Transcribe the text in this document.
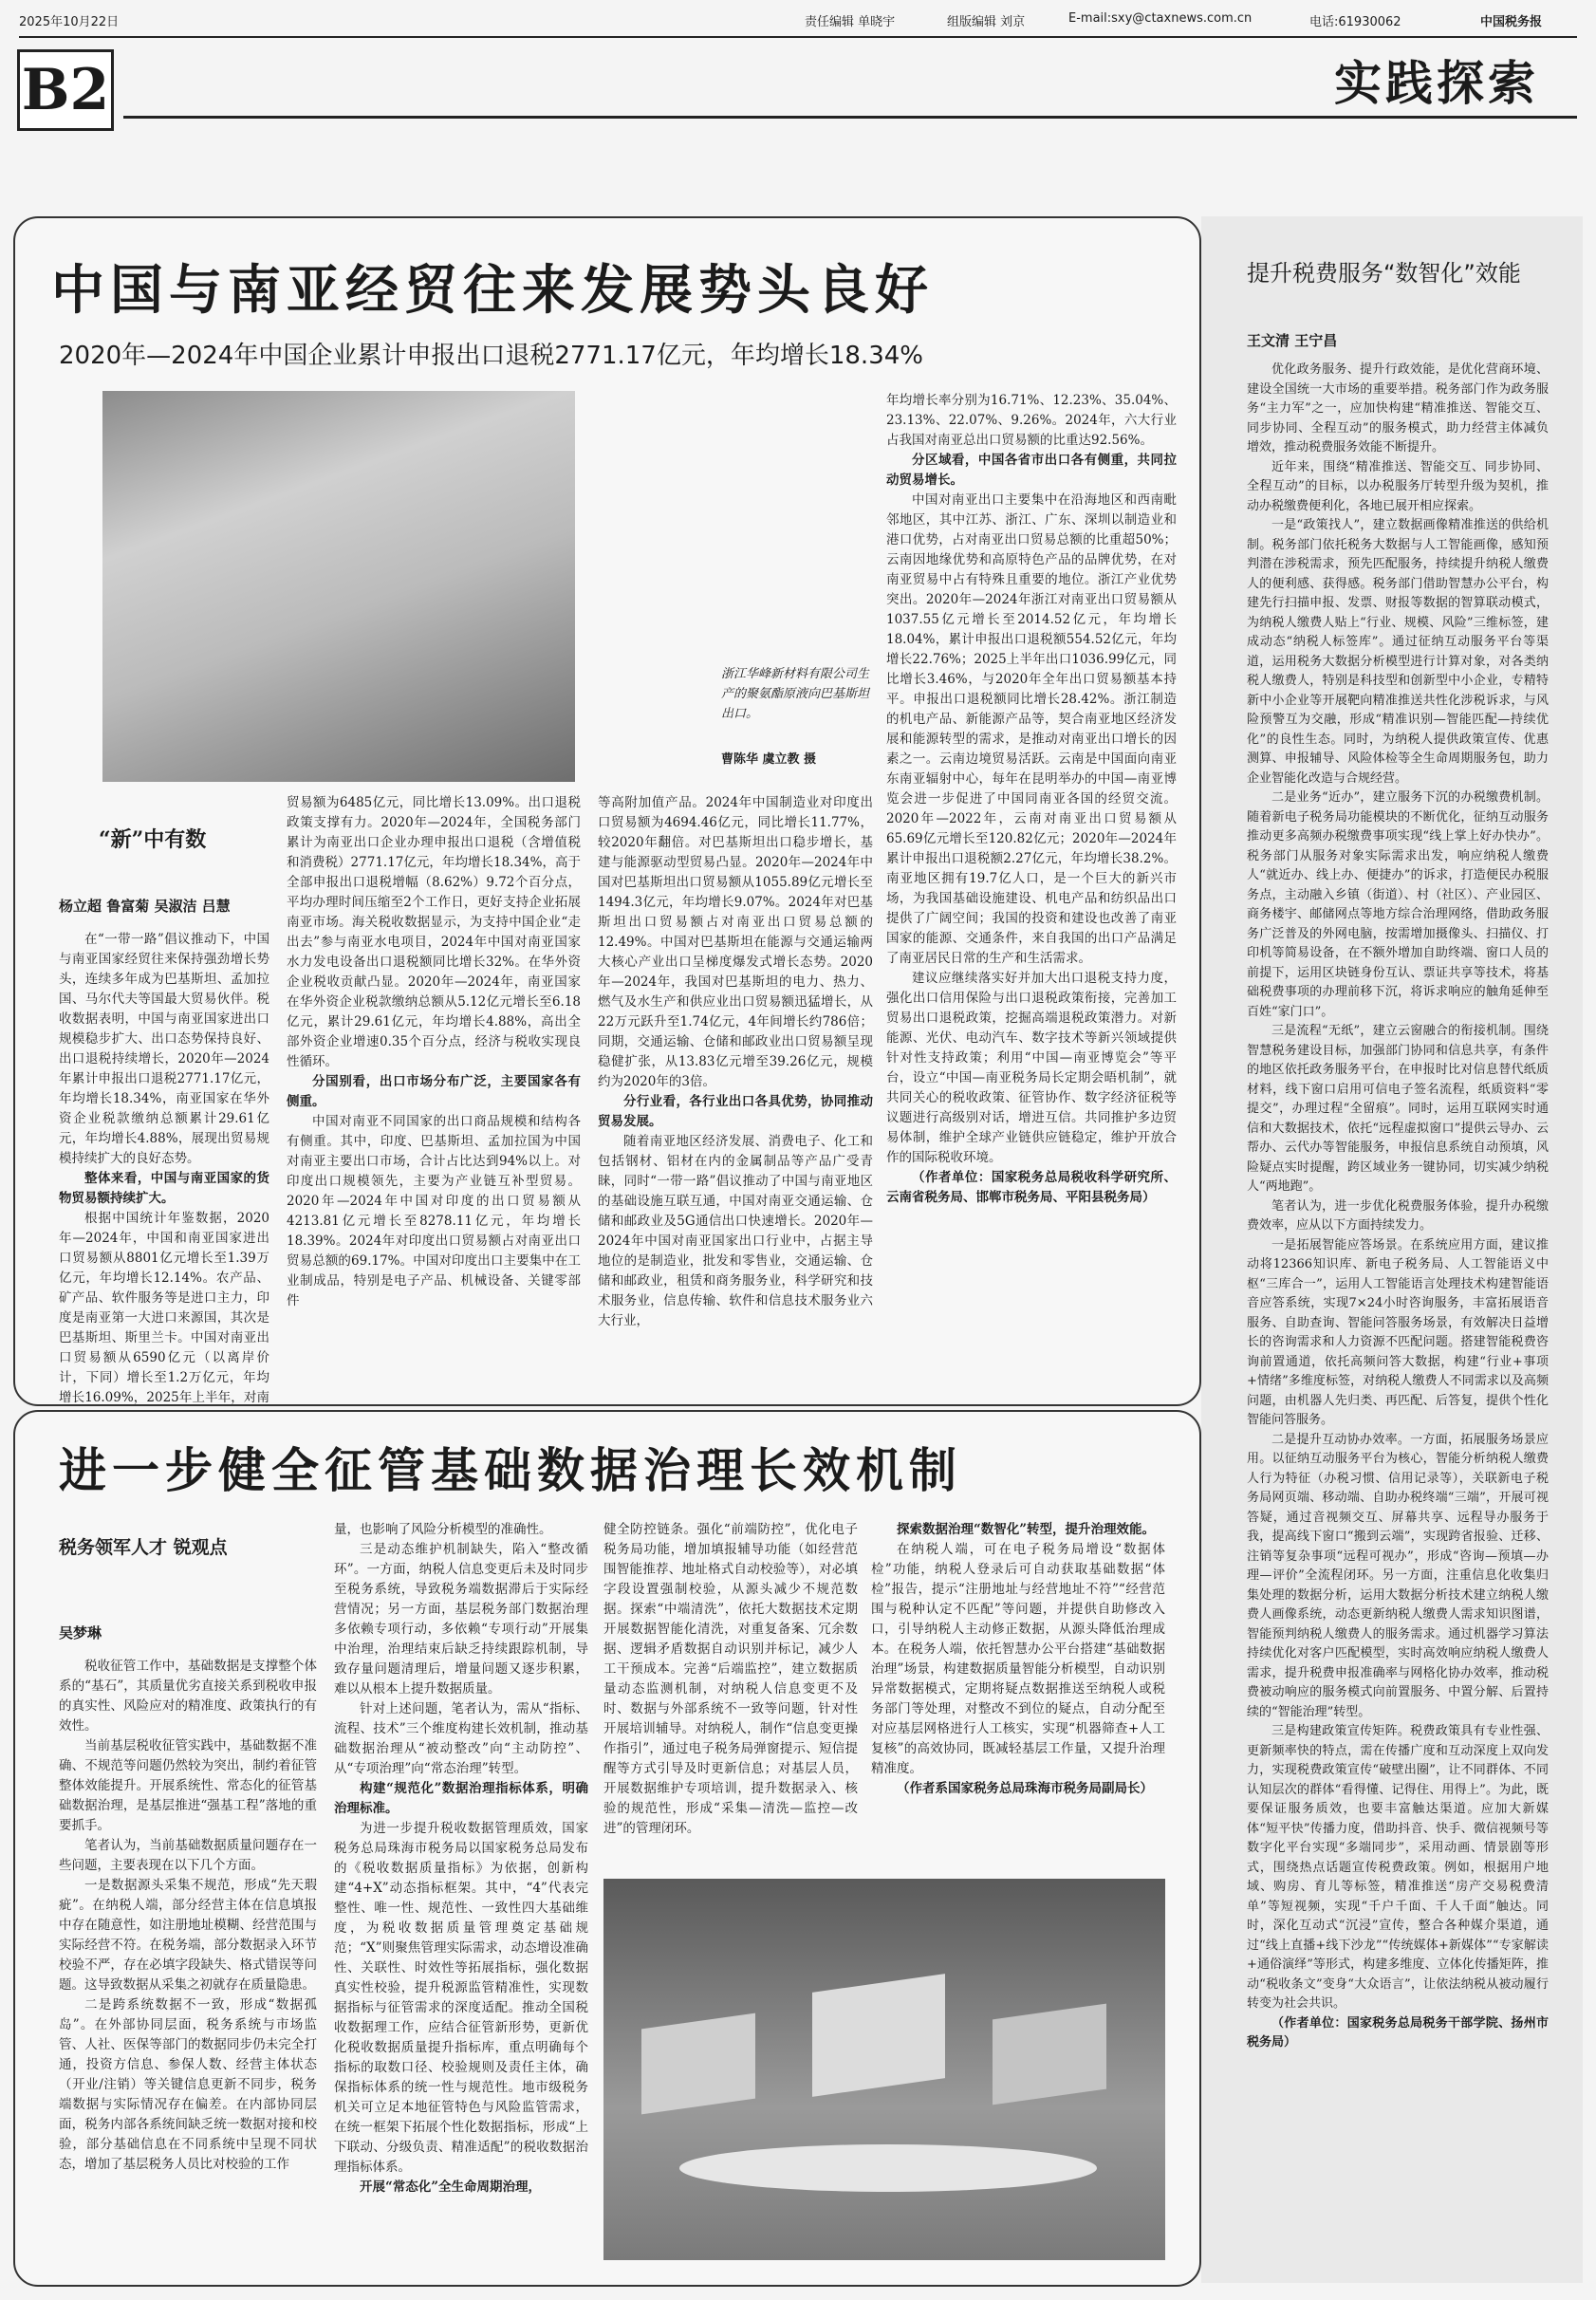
2025年10月22日	责任编辑 单晓宇	组版编辑 刘京	E-mail:sxy@ctaxnews.com.cn	电话:61930062	中国税务报
B2	实践探索
中国与南亚经贸往来发展势头良好
2020年—2024年中国企业累计申报出口退税2771.17亿元，年均增长18.34%
浙江华峰新材料有限公司生产的聚氨酯原液向巴基斯坦出口。
曹陈华 虞立教 摄
“新”中有数
杨立超 鲁富菊 吴淑洁 吕慧

在“一带一路”倡议推动下，中国与南亚国家经贸往来保持强劲增长势头，连续多年成为巴基斯坦、孟加拉国、马尔代夫等国最大贸易伙伴。税收数据表明，中国与南亚国家进出口规模稳步扩大、出口态势保持良好、出口退税持续增长，2020年—2024年累计申报出口退税2771.17亿元，年均增长18.34%，南亚国家在华外资企业税款缴纳总额累计29.61亿元，年均增长4.88%，展现出贸易规模持续扩大的良好态势。

整体来看，中国与南亚国家的货物贸易额持续扩大。

根据中国统计年鉴数据，2020年—2024年，中国和南亚国家进出口贸易额从8801亿元增长至1.39万亿元，年均增长12.14%。农产品、矿产品、软件服务等是进口主力，印度是南亚第一大进口来源国，其次是巴基斯坦、斯里兰卡。中国对南亚出口贸易额从6590亿元（以离岸价计，下同）增长至1.2万亿元，年均增长16.09%，2025年上半年，对南

贸易额为6485亿元，同比增长13.09%。出口退税政策支撑有力。2020年—2024年，全国税务部门累计为南亚出口企业办理申报出口退税（含增值税和消费税）2771.17亿元，年均增长18.34%，高于全部申报出口退税增幅（8.62%）9.72个百分点，平均办理时间压缩至2个工作日，更好支持企业拓展南亚市场。海关税收数据显示，为支持中国企业“走出去”参与南亚水电项目，2024年中国对南亚国家水力发电设备出口退税额同比增长32%。在华外资企业税收贡献凸显。2020年—2024年，南亚国家在华外资企业税款缴纳总额从5.12亿元增长至6.18亿元，累计29.61亿元，年均增长4.88%，高出全部外资企业增速0.35个百分点，经济与税收实现良性循环。

分国别看，出口市场分布广泛，主要国家各有侧重。

中国对南亚不同国家的出口商品规模和结构各有侧重。其中，印度、巴基斯坦、孟加拉国为中国对南亚主要出口市场，合计占比达到94%以上。对印度出口规模领先，主要为产业链互补型贸易。2020年—2024年中国对印度的出口贸易额从4213.81亿元增长至8278.11亿元，年均增长18.39%。2024年对印度出口贸易额占对南亚出口贸易总额的69.17%。中国对印度出口主要集中在工业制成品，特别是电子产品、机械设备、关键零部件

等高附加值产品。2024年中国制造业对印度出口贸易额为4694.46亿元，同比增长11.77%，较2020年翻倍。对巴基斯坦出口稳步增长，基建与能源驱动型贸易凸显。2020年—2024年中国对巴基斯坦出口贸易额从1055.89亿元增长至1494.3亿元，年均增长9.07%。2024年对巴基斯坦出口贸易额占对南亚出口贸易总额的12.49%。中国对巴基斯坦在能源与交通运输两大核心产业出口呈梯度爆发式增长态势。2020年—2024年，我国对巴基斯坦的电力、热力、燃气及水生产和供应业出口贸易额迅猛增长，从22万元跃升至1.74亿元，4年间增长约786倍；同期，交通运输、仓储和邮政业出口贸易额呈现稳健扩张，从13.83亿元增至39.26亿元，规模约为2020年的3倍。

分行业看，各行业出口各具优势，协同推动贸易发展。

随着南亚地区经济发展、消费电子、化工和包括钢材、铝材在内的金属制品等产品广受青睐，同时“一带一路”倡议推动了中国与南亚地区的基础设施互联互通，中国对南亚交通运输、仓储和邮政业及5G通信出口快速增长。2020年—2024年中国对南亚国家出口行业中，占据主导地位的是制造业，批发和零售业，交通运输、仓储和邮政业，租赁和商务服务业，科学研究和技术服务业，信息传输、软件和信息技术服务业六大行业，

年均增长率分别为16.71%、12.23%、35.04%、23.13%、22.07%、9.26%。2024年，六大行业占我国对南亚总出口贸易额的比重达92.56%。

分区域看，中国各省市出口各有侧重，共同拉动贸易增长。

中国对南亚出口主要集中在沿海地区和西南毗邻地区，其中江苏、浙江、广东、深圳以制造业和港口优势，占对南亚出口贸易总额的比重超50%；云南因地缘优势和高原特色产品的品牌优势，在对南亚贸易中占有特殊且重要的地位。浙江产业优势突出。2020年—2024年浙江对南亚出口贸易额从1037.55亿元增长至2014.52亿元，年均增长18.04%，累计申报出口退税额554.52亿元，年均增长22.76%；2025上半年出口1036.99亿元，同比增长3.46%，与2020年全年出口贸易额基本持平。申报出口退税额同比增长28.42%。浙江制造的机电产品、新能源产品等，契合南亚地区经济发展和能源转型的需求，是推动对南亚出口增长的因素之一。云南边境贸易活跃。云南是中国面向南亚东南亚辐射中心，每年在昆明举办的中国—南亚博览会进一步促进了中国同南亚各国的经贸交流。2020年—2022年，云南对南亚出口贸易额从65.69亿元增长至120.82亿元；2020年—2024年累计申报出口退税额2.27亿元，年均增长38.2%。南亚地区拥有19.7亿人口，是一个巨大的新兴市场，为我国基础设施建设、机电产品和纺织品出口提供了广阔空间；我国的投资和建设也改善了南亚国家的能源、交通条件，来自我国的出口产品满足了南亚居民日常的生产和生活需求。

建议应继续落实好并加大出口退税支持力度，强化出口信用保险与出口退税政策衔接，完善加工贸易出口退税政策，挖掘高端退税政策潜力。对新能源、光伏、电动汽车、数字技术等新兴领域提供针对性支持政策；利用“中国—南亚博览会”等平台，设立“中国—南亚税务局长定期会晤机制”，就共同关心的税收政策、征管协作、数字经济征税等议题进行高级别对话，增进互信。共同推护多边贸易体制，维护全球产业链供应链稳定，维护开放合作的国际税收环境。

（作者单位：国家税务总局税收科学研究所、云南省税务局、邯郸市税务局、平阳县税务局）

进一步健全征管基础数据治理长效机制
税务领军人才 锐观点
吴梦琳

税收征管工作中，基础数据是支撑整个体系的“基石”，其质量优劣直接关系到税收申报的真实性、风险应对的精准度、政策执行的有效性。

当前基层税收征管实践中，基础数据不准确、不规范等问题仍然较为突出，制约着征管整体效能提升。开展系统性、常态化的征管基础数据治理，是基层推进“强基工程”落地的重要抓手。

笔者认为，当前基础数据质量问题存在一些问题，主要表现在以下几个方面。

一是数据源头采集不规范，形成“先天瑕疵”。在纳税人端，部分经营主体在信息填报中存在随意性，如注册地址模糊、经营范围与实际经营不符。在税务端，部分数据录入环节校验不严，存在必填字段缺失、格式错误等问题。这导致数据从采集之初就存在质量隐患。

二是跨系统数据不一致，形成“数据孤岛”。在外部协同层面，税务系统与市场监管、人社、医保等部门的数据同步仍未完全打通，投资方信息、参保人数、经营主体状态（开业/注销）等关键信息更新不同步，税务端数据与实际情况存在偏差。在内部协同层面，税务内部各系统间缺乏统一数据对接和校验，部分基础信息在不同系统中呈现不同状态，增加了基层税务人员比对校验的工作

量，也影响了风险分析模型的准确性。

三是动态维护机制缺失，陷入“整改循环”。一方面，纳税人信息变更后未及时同步至税务系统，导致税务端数据滞后于实际经营情况；另一方面，基层税务部门数据治理多依赖专项行动，多依赖“专项行动”开展集中治理，治理结束后缺乏持续跟踪机制，导致存量问题清理后，增量问题又逐步积累，难以从根本上提升数据质量。

针对上述问题，笔者认为，需从“指标、流程、技术”三个维度构建长效机制，推动基础数据治理从“被动整改”向“主动防控”、从“专项治理”向“常态治理”转型。

构建“规范化”数据治理指标体系，明确治理标准。

为进一步提升税收数据管理质效，国家税务总局珠海市税务局以国家税务总局发布的《税收数据质量指标》为依据，创新构建“4+X”动态指标框架。其中，“4”代表完整性、唯一性、规范性、一致性四大基础维度，为税收数据质量管理奠定基础规范；“X”则聚焦管理实际需求，动态增设准确性、关联性、时效性等拓展指标，强化数据真实性校验，提升税源监管精准性，实现数据指标与征管需求的深度适配。推动全国税收数据理工作，应结合征管新形势，更新优化税收数据质量提升指标库，重点明确每个指标的取数口径、校验规则及责任主体，确保指标体系的统一性与规范性。地市级税务机关可立足本地征管特色与风险监管需求，在统一框架下拓展个性化数据指标，形成“上下联动、分级负责、精准适配”的税收数据治理指标体系。

开展“常态化”全生命周期治理，

健全防控链条。强化“前端防控”，优化电子税务局功能，增加填报辅导功能（如经营范围智能推荐、地址格式自动校验等），对必填字段设置强制校验，从源头减少不规范数据。探索“中端清洗”，依托大数据技术定期开展数据智能化清洗，对重复备案、冗余数据、逻辑矛盾数据自动识别并标记，减少人工干预成本。完善“后端监控”，建立数据质量动态监测机制，对纳税人信息变更不及时、数据与外部系统不一致等问题，针对性开展培训辅导。对纳税人，制作“信息变更操作指引”，通过电子税务局弹窗提示、短信提醒等方式引导及时更新信息；对基层人员，开展数据维护专项培训，提升数据录入、核验的规范性，形成“采集—清洗—监控—改进”的管理闭环。

探索数据治理“数智化”转型，提升治理效能。

在纳税人端，可在电子税务局增设“数据体检”功能，纳税人登录后可自动获取基础数据“体检”报告，提示“注册地址与经营地址不符”“经营范围与税种认定不匹配”等问题，并提供自助修改入口，引导纳税人主动修正数据，从源头降低治理成本。在税务人端，依托智慧办公平台搭建“基础数据治理”场景，构建数据质量智能分析模型，自动识别异常数据模式，定期将疑点数据推送至纳税人或税务部门等处理，对整改不到位的疑点，自动分配至对应基层网格进行人工核实，实现“机器筛查+人工复核”的高效协同，既减轻基层工作量，又提升治理精准度。

（作者系国家税务总局珠海市税务局副局长）

提升税费服务“数智化”效能
王文清 王宁昌

优化政务服务、提升行政效能，是优化营商环境、建设全国统一大市场的重要举措。税务部门作为政务服务“主力军”之一，应加快构建“精准推送、智能交互、同步协同、全程互动”的服务模式，助力经营主体减负增效，推动税费服务效能不断提升。

近年来，围绕“精准推送、智能交互、同步协同、全程互动”的目标，以办税服务厅转型升级为契机，推动办税缴费便利化，各地已展开相应探索。

一是“政策找人”，建立数据画像精准推送的供给机制。税务部门依托税务大数据与人工智能画像，感知预判潜在涉税需求，预先匹配服务，持续提升纳税人缴费人的便利感、获得感。税务部门借助智慧办公平台，构建先行扫描申报、发票、财报等数据的智算联动模式，为纳税人缴费人贴上“行业、规模、风险”三维标签，建成动态“纳税人标签库”。通过征纳互动服务平台等渠道，运用税务大数据分析模型进行计算对象，对各类纳税人缴费人，特别是科技型和创新型中小企业，专精特新中小企业等开展靶向精准推送共性化涉税诉求，与风险预警互为交融，形成“精准识别—智能匹配—持续优化”的良性生态。同时，为纳税人提供政策宣传、优惠测算、申报辅导、风险体检等全生命周期服务包，助力企业智能化改造与合规经营。

二是业务“近办”，建立服务下沉的办税缴费机制。随着新电子税务局功能模块的不断优化，征纳互动服务推动更多高频办税缴费事项实现“线上掌上好办快办”。税务部门从服务对象实际需求出发，响应纳税人缴费人“就近办、线上办、便捷办”的诉求，打造便民办税服务点，主动融入乡镇（街道）、村（社区）、产业园区、商务楼宇、邮储网点等地方综合治理网络，借助政务服务广泛普及的外网电脑，按需增加摄像头、扫描仪、打印机等简易设备，在不额外增加自助终端、窗口人员的前提下，运用区块链身份互认、票证共享等技术，将基础税费事项的办理前移下沉，将诉求响应的触角延伸至百姓“家门口”。

三是流程“无纸”，建立云窗融合的衔接机制。围绕智慧税务建设目标，加强部门协同和信息共享，有条件的地区依托政务服务平台，在申报时比对信息替代纸质材料，线下窗口启用可信电子签名流程，纸质资料“零提交”，办理过程“全留痕”。同时，运用互联网实时通信和大数据技术，依托“远程虚拟窗口”提供云导办、云帮办、云代办等智能服务，申报信息系统自动预填，风险疑点实时提醒，跨区域业务一键协同，切实减少纳税人“两地跑”。

笔者认为，进一步优化税费服务体验，提升办税缴费效率，应从以下方面持续发力。

一是拓展智能应答场景。在系统应用方面，建议推动将12366知识库、新电子税务局、人工智能语义中枢“三库合一”，运用人工智能语言处理技术构建智能语音应答系统，实现7×24小时咨询服务，丰富拓展语音服务、自助查询、智能问答服务场景，有效解决日益增长的咨询需求和人力资源不匹配问题。搭建智能税费咨询前置通道，依托高频问答大数据，构建“行业+事项+情绪”多维度标签，对纳税人缴费人不同需求以及高频问题，由机器人先归类、再匹配、后答复，提供个性化智能问答服务。

二是提升互动协办效率。一方面，拓展服务场景应用。以征纳互动服务平台为核心，智能分析纳税人缴费人行为特征（办税习惯、信用记录等），关联新电子税务局网页端、移动端、自助办税终端“三端”，开展可视答疑，通过音视频交互、屏幕共享、远程导办服务于我，提高线下窗口“搬到云端”，实现跨省报验、迁移、注销等复杂事项“远程可视办”，形成“咨询—预填—办理—评价”全流程闭环。另一方面，注重信息化收集归集处理的数据分析，运用大数据分析技术建立纳税人缴费人画像系统，动态更新纳税人缴费人需求知识图谱，智能预判纳税人缴费人的服务需求。通过机器学习算法持续优化对客户匹配模型，实时高效响应纳税人缴费人需求，提升税费申报准确率与网格化协办效率，推动税费被动响应的服务模式向前置服务、中置分解、后置持续的“智能治理”转型。

三是构建政策宣传矩阵。税费政策具有专业性强、更新频率快的特点，需在传播广度和互动深度上双向发力，实现税费政策宣传“破壁出圈”，让不同群体、不同认知层次的群体“看得懂、记得住、用得上”。为此，既要保证服务质效，也要丰富触达渠道。应加大新媒体“短平快”传播力度，借助抖音、快手、微信视频号等数字化平台实现“多端同步”，采用动画、情景剧等形式，围绕热点话题宣传税费政策。例如，根据用户地域、购房、育儿等标签，精准推送“房产交易税费清单”等短视频，实现“千户千面、千人千面”触达。同时，深化互动式“沉浸”宣传，整合各种媒介渠道，通过“线上直播+线下沙龙”“传统媒体+新媒体”“专家解读+通俗演绎”等形式，构建多维度、立体化传播矩阵，推动“税收条文”变身“大众语言”，让依法纳税从被动履行转变为社会共识。

（作者单位：国家税务总局税务干部学院、扬州市税务局）
